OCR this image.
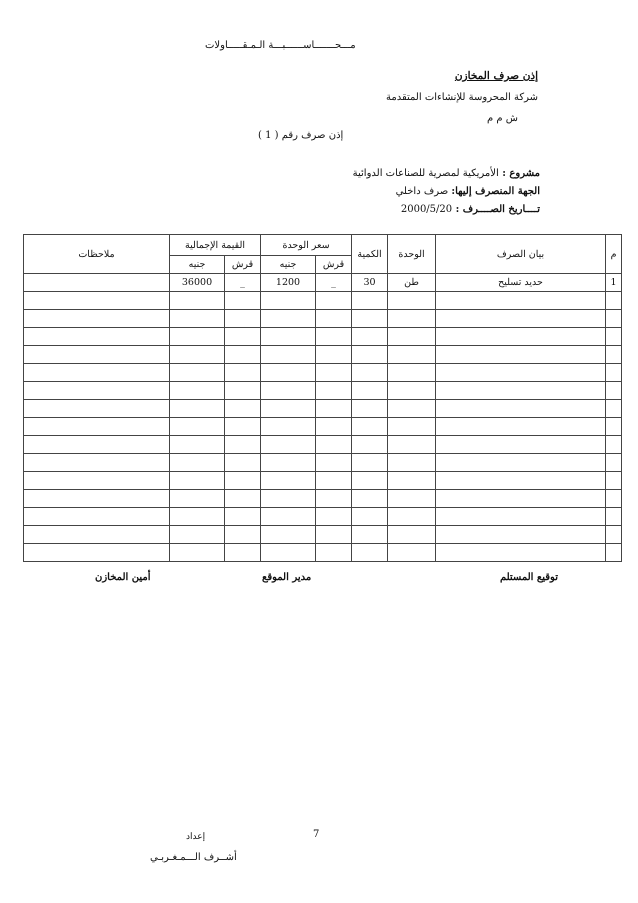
مـــحـــــــاســــــبـــة الـمـقـــــاولات
إذن صرف المخازن
شركة المحروسة للإنشاءات المتقدمة
ش م م
إذن صرف رقم ( 1 )
مشروع : الأمريكية لمصرية للصناعات الدوائية
الجهة المنصرف إليها: صرف داخلي
تــــاريخ الصــــرف : 2000/5/20
م	بيان الصرف	الوحدة	الكمية	سعر الوحدة		القيمة الإجمالية		ملاحظات
				قرش	جنيه	قرش	جنيه	
1	حديد تسليح	طن	30	_	1200	_	36000	

توقيع المستلم
مدير الموقع
أمين المخازن
7
إعداد
أشــرف الـــمـغـربـي
